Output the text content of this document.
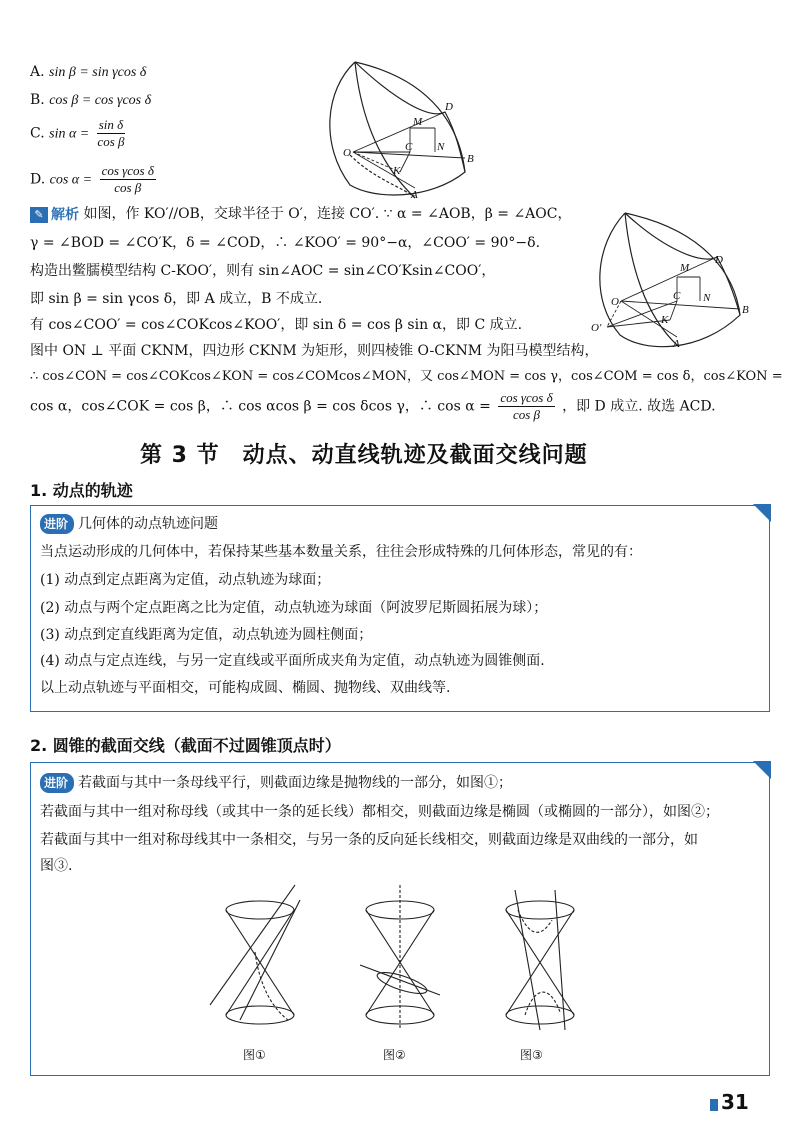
A. sin β = sin γcos δ
B. cos β = cos γcos δ
C. $\sin \alpha = \frac{\text{sin δ}}{\text{cos β}}$
D. $\cos \alpha = \frac{\text{cos γcos δ}}{\text{cos β}}$
M
D
O	C N
B
K
A
✎ 解析 如图，作 KO′//OB，交球半径于 O′，连接 CO′. ∵ α = ∠AOB，β = ∠AOC，
γ = ∠BOD = ∠CO′K，δ = ∠COD，∴ ∠KOO′ = 90°−α，∠COO′ = 90°−δ.
构造出鳖臑模型结构 C-KOO′，则有 sin∠AOC = sin∠CO′Ksin∠COO′，
即 sin β = sin γcos δ，即 A 成立，B 不成立.
有 cos∠COO′ = cos∠COKcos∠KOO′，即 sin δ = cos β sin α，即 C 成立.
图中 ON ⊥ 平面 CKNM，四边形 CKNM 为矩形，则四棱锥 O-CKNM 为阳马模型结构，
∴ cos∠CON = cos∠COKcos∠KON = cos∠COMcos∠MON，又 cos∠MON = cos γ，cos∠COM = cos δ，cos∠KON =
cos α，cos∠COK = cos β，∴ cos αcos β = cos δcos γ，∴ $\cos \alpha = \frac{\text{cos γcos δ}}{\text{cos β}}$ ，即 D 成立. 故选 ACD.
M
D
O	C N
B
O′
K
A
第 3 节　动点、动直线轨迹及截面交线问题
1. 动点的轨迹
进阶 几何体的动点轨迹问题
当点运动形成的几何体中，若保持某些基本数量关系，往往会形成特殊的几何体形态，常见的有：
(1) 动点到定点距离为定值，动点轨迹为球面；
(2) 动点与两个定点距离之比为定值，动点轨迹为球面（阿波罗尼斯圆拓展为球）；
(3) 动点到定直线距离为定值，动点轨迹为圆柱侧面；
(4) 动点与定点连线，与另一定直线或平面所成夹角为定值，动点轨迹为圆锥侧面.
以上动点轨迹与平面相交，可能构成圆、椭圆、抛物线、双曲线等.
2. 圆锥的截面交线（截面不过圆锥顶点时）
进阶 若截面与其中一条母线平行，则截面边缘是抛物线的一部分，如图①；
若截面与其中一组对称母线（或其中一条的延长线）都相交，则截面边缘是椭圆（或椭圆的一部分），如图②；
若截面与其中一组对称母线其中一条相交，与另一条的反向延长线相交，则截面边缘是双曲线的一部分，如
图③.
图①	图②	图③
31
